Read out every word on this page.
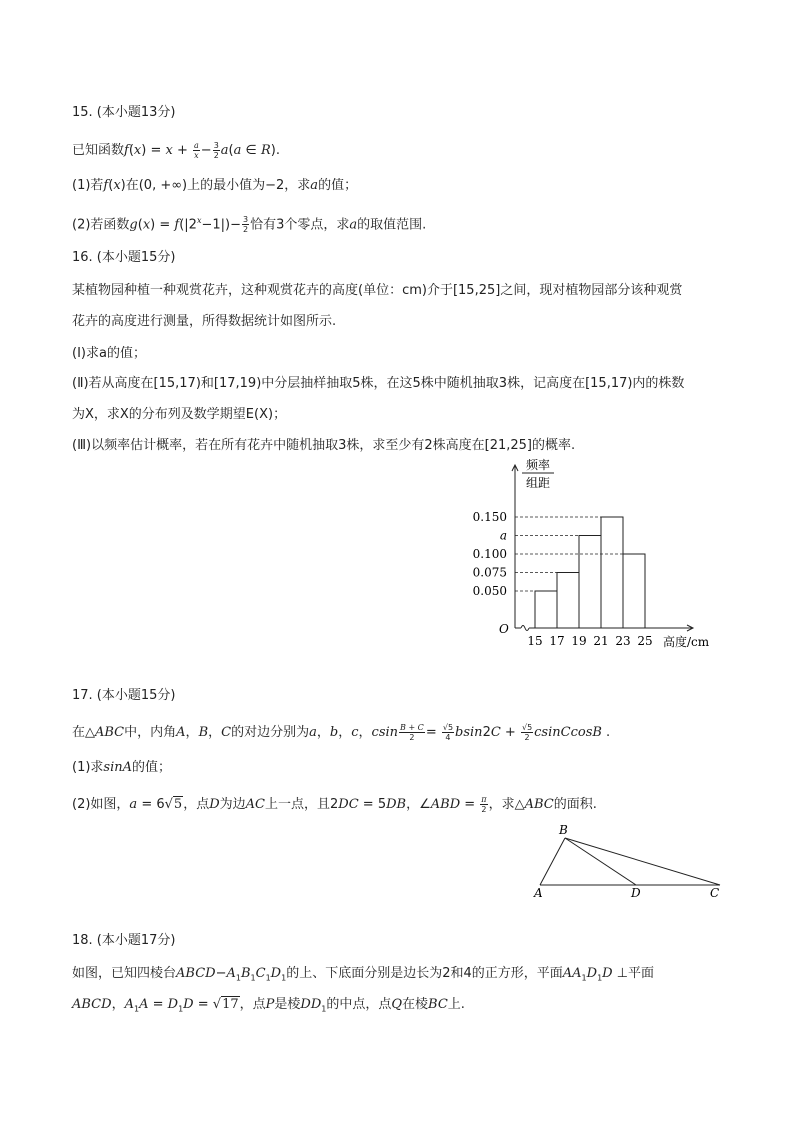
15. (本小题13分)
已知函数$f(x) = x + \frac{a}{x} - \frac{3}{2} a(a$ ∈ R).
(1)若f(x)在(0, +∞)上的最小值为−2，求a的值；
(2)若函数$g(x) = f(|2^x-1|)- \frac{3}{2}$ 恰有3个零点，求a的取值范围.
16. (本小题15分)
某植物园种植一种观赏花卉，这种观赏花卉的高度(单位：cm)介于[15,25]之间，现对植物园部分该种观赏
花卉的高度进行测量，所得数据统计如图所示.
(Ⅰ)求a的值；
(Ⅱ)若从高度在[15,17)和[17,19)中分层抽样抽取5株，在这5株中随机抽取3株，记高度在[15,17)内的株数
为X，求X的分布列及数学期望E(X)；
(Ⅲ)以频率估计概率，若在所有花卉中随机抽取3株，求至少有2株高度在[21,25]的概率.
频率
组距
O
0.050
0.075
0.100
a
0.150
15 17 19 21 23 25 高度/cm
17. (本小题15分)
在△ABC中，内角A，B，C的对边分别为a，b，c，csin $\frac{B + C}{2} = \frac{√5}{4} bsin2C + \frac{√5}{2}$ csinCcosB .
(1)求sinA的值；
(2)如图，a = 6√5，点D为边AC上一点，且2DC = 5DB，∠ABD = $\frac{\pi}{2}$ ，求△ABC的面积.
B
A	D	C
18. (本小题17分)
如图，已知四棱台$ABCD-A_1B_1C_1D_1$的上、下底面分别是边长为2和4的正方形，平面$AA_1D_1D$ ⊥平面
ABCD，$A_1A = D_1D = √17$，点P是棱$DD_1$的中点，点Q在棱BC上.
